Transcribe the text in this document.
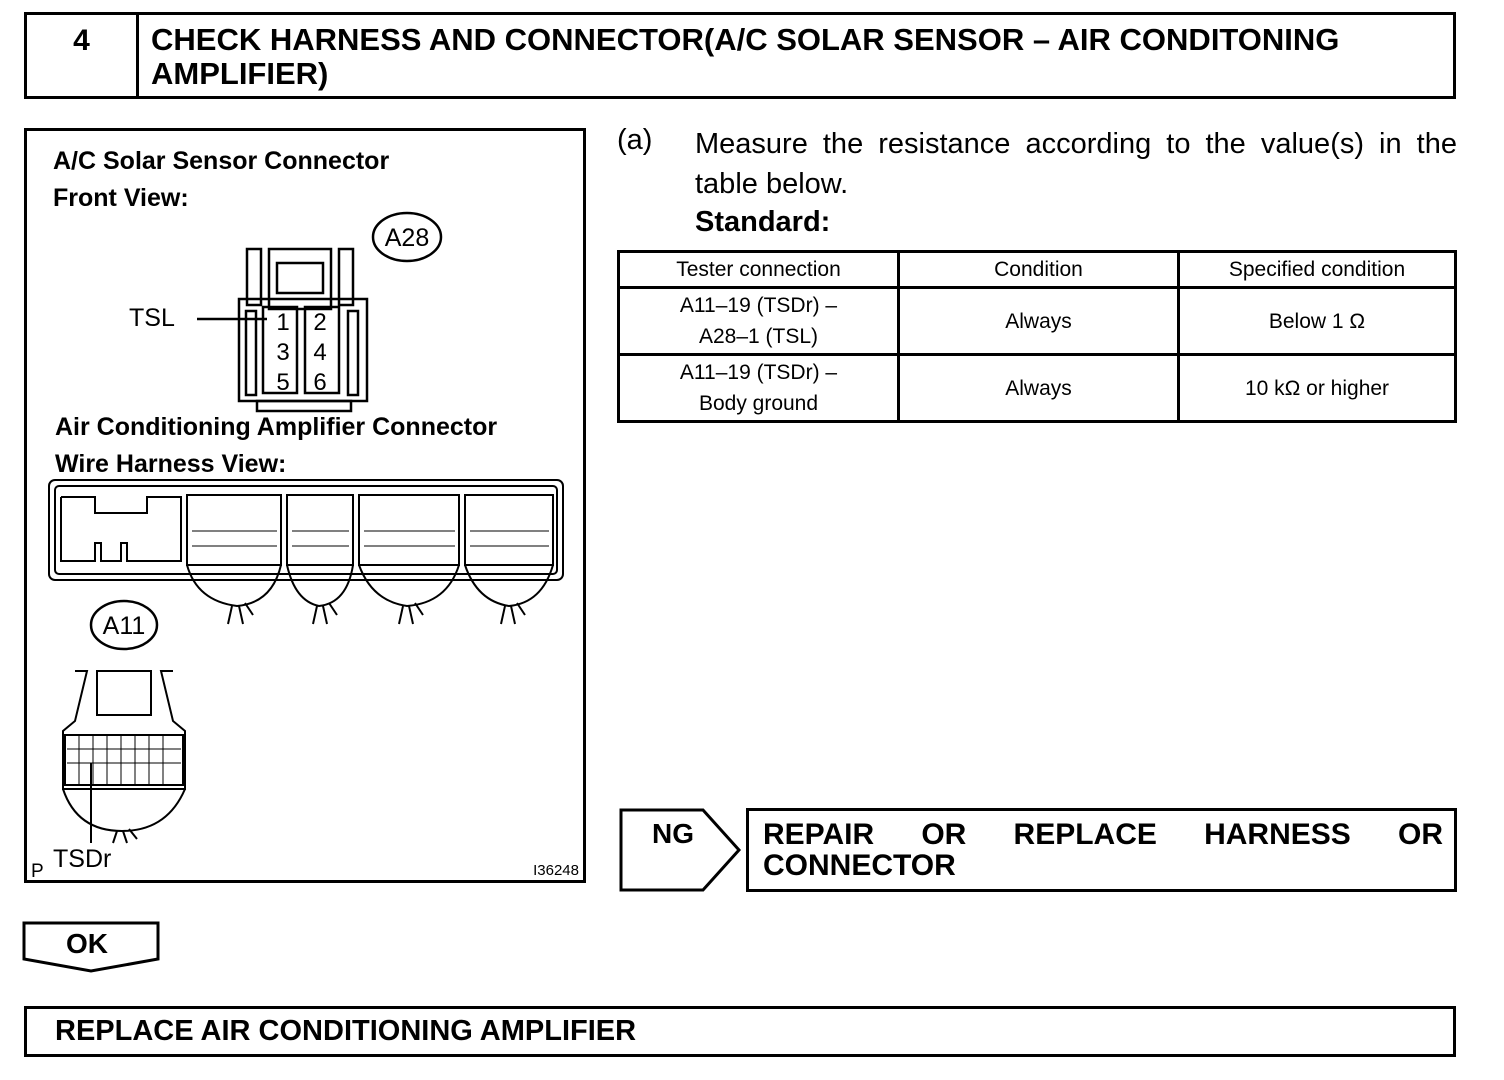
4	CHECK HARNESS AND CONNECTOR(A/C SOLAR SENSOR – AIR CONDITONING AMPLIFIER)
A/C Solar Sensor Connector
Front View:
A28
TSL	1 2
3 4
5 6
A11
TSDr
P	I36248
Air Conditioning Amplifier Connector
Wire Harness View:
(a) Measure the resistance according to the value(s) in the
table below.
Standard:
Tester connection	Condition	Specified condition
A11–19 (TSDr) –
A28–1 (TSL)	Always	Below 1 Ω
A11–19 (TSDr) –
Body ground	Always	10 kΩ or higher
NG REPAIR OR REPLACE HARNESS OR CONNECTOR
OK
REPLACE AIR CONDITIONING AMPLIFIER
